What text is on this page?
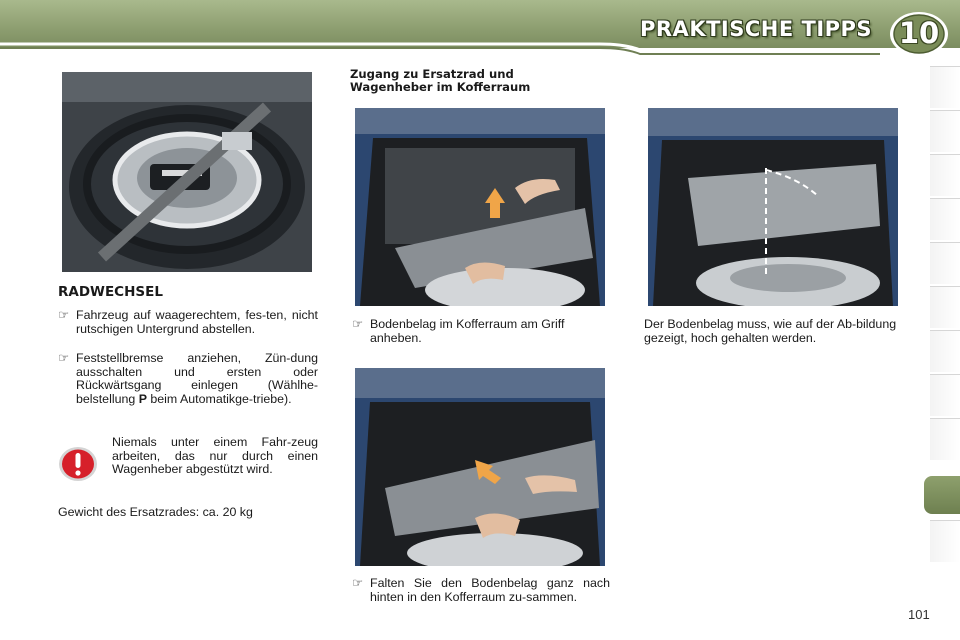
PRAKTISCHE TIPPS 10
RADWECHSEL
☞ Fahrzeug auf waagerechtem, fes-ten, nicht rutschigen Untergrund abstellen.
☞ Feststellbremse anziehen, Zün-dung ausschalten und ersten oder Rückwärtsgang einlegen (Wählhe-belstellung P beim Automatikge-triebe).
Niemals unter einem Fahr-zeug arbeiten, das nur durch einen Wagenheber abgestützt wird.
Gewicht des Ersatzrades: ca. 20 kg
Zugang zu Ersatzrad und
Wagenheber im Kofferraum
☞ Bodenbelag im Kofferraum am Griff anheben.
☞ Falten Sie den Bodenbelag ganz nach hinten in den Kofferraum zu-sammen.
Der Bodenbelag muss, wie auf der Ab-bildung gezeigt, hoch gehalten werden.
101
